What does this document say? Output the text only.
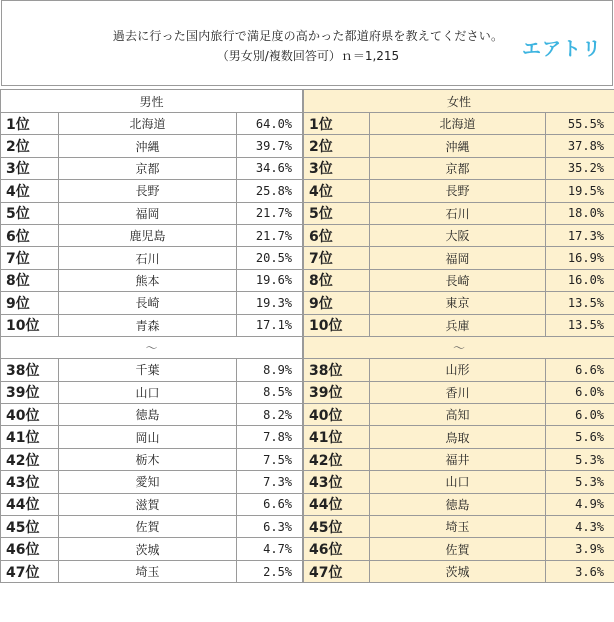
過去に行った国内旅行で満足度の高かった都道府県を教えてください。
（男女別/複数回答可）ｎ＝1,215	エアトリ
男性		
1位	北海道	64.0%
2位	沖縄	39.7%
3位	京都	34.6%
4位	長野	25.8%
5位	福岡	21.7%
6位	鹿児島	21.7%
7位	石川	20.5%
8位	熊本	19.6%
9位	長崎	19.3%
10位	青森	17.1%
～		
38位	千葉	8.9%
39位	山口	8.5%
40位	徳島	8.2%
41位	岡山	7.8%
42位	栃木	7.5%
43位	愛知	7.3%
44位	滋賀	6.6%
45位	佐賀	6.3%
46位	茨城	4.7%
47位	埼玉	2.5%
女性		
1位	北海道	55.5%
2位	沖縄	37.8%
3位	京都	35.2%
4位	長野	19.5%
5位	石川	18.0%
6位	大阪	17.3%
7位	福岡	16.9%
8位	長崎	16.0%
9位	東京	13.5%
10位	兵庫	13.5%
～		
38位	山形	6.6%
39位	香川	6.0%
40位	高知	6.0%
41位	鳥取	5.6%
42位	福井	5.3%
43位	山口	5.3%
44位	徳島	4.9%
45位	埼玉	4.3%
46位	佐賀	3.9%
47位	茨城	3.6%
